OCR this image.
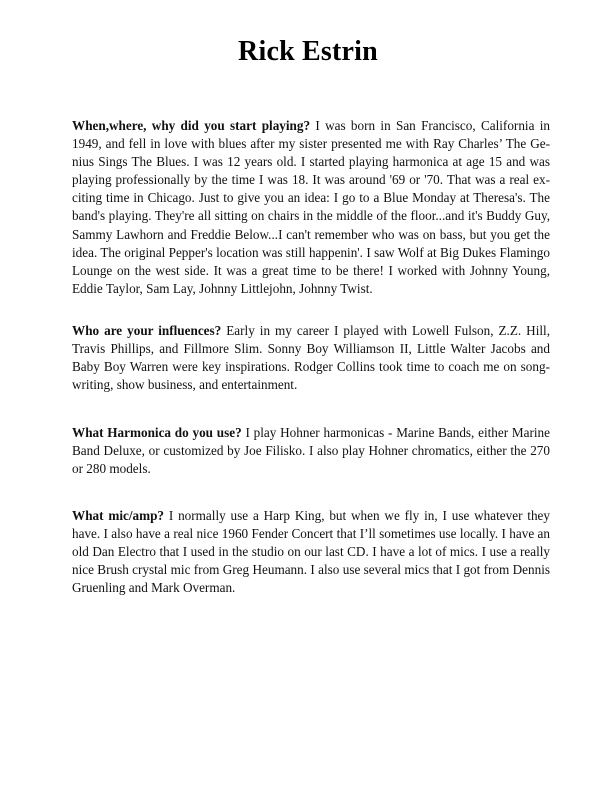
Rick Estrin

When,where, why did you start playing? I was born in San Francisco, California in 1949, and fell in love with blues after my sister presented me with Ray Charles’ The Genius Sings The Blues. I was 12 years old. I started playing harmonica at age 15 and was playing professionally by the time I was 18. It was around '69 or '70. That was a real exciting time in Chicago. Just to give you an idea: I go to a Blue Monday at Theresa's. The band's playing. They're all sitting on chairs in the middle of the floor...and it's Buddy Guy, Sammy Lawhorn and Freddie Below...I can't remember who was on bass, but you get the idea. The original Pepper's location was still happenin'. I saw Wolf at Big Dukes Flamingo Lounge on the west side. It was a great time to be there! I worked with Johnny Young, Eddie Taylor, Sam Lay, Johnny Littlejohn, Johnny Twist.

Who are your influences? Early in my career I played with Lowell Fulson, Z.Z. Hill, Travis Phillips, and Fillmore Slim. Sonny Boy Williamson II, Little Walter Jacobs and Baby Boy Warren were key inspirations. Rodger Collins took time to coach me on songwriting, show business, and entertainment.

What Harmonica do you use? I play Hohner harmonicas - Marine Bands, either Marine Band Deluxe, or customized by Joe Filisko. I also play Hohner chromatics, either the 270 or 280 models.

What mic/amp? I normally use a Harp King, but when we fly in, I use whatever they have. I also have a real nice 1960 Fender Concert that I’ll sometimes use locally. I have an old Dan Electro that I used in the studio on our last CD. I have a lot of mics. I use a really nice Brush crystal mic from Greg Heumann. I also use several mics that I got from Dennis Gruenling and Mark Overman.
